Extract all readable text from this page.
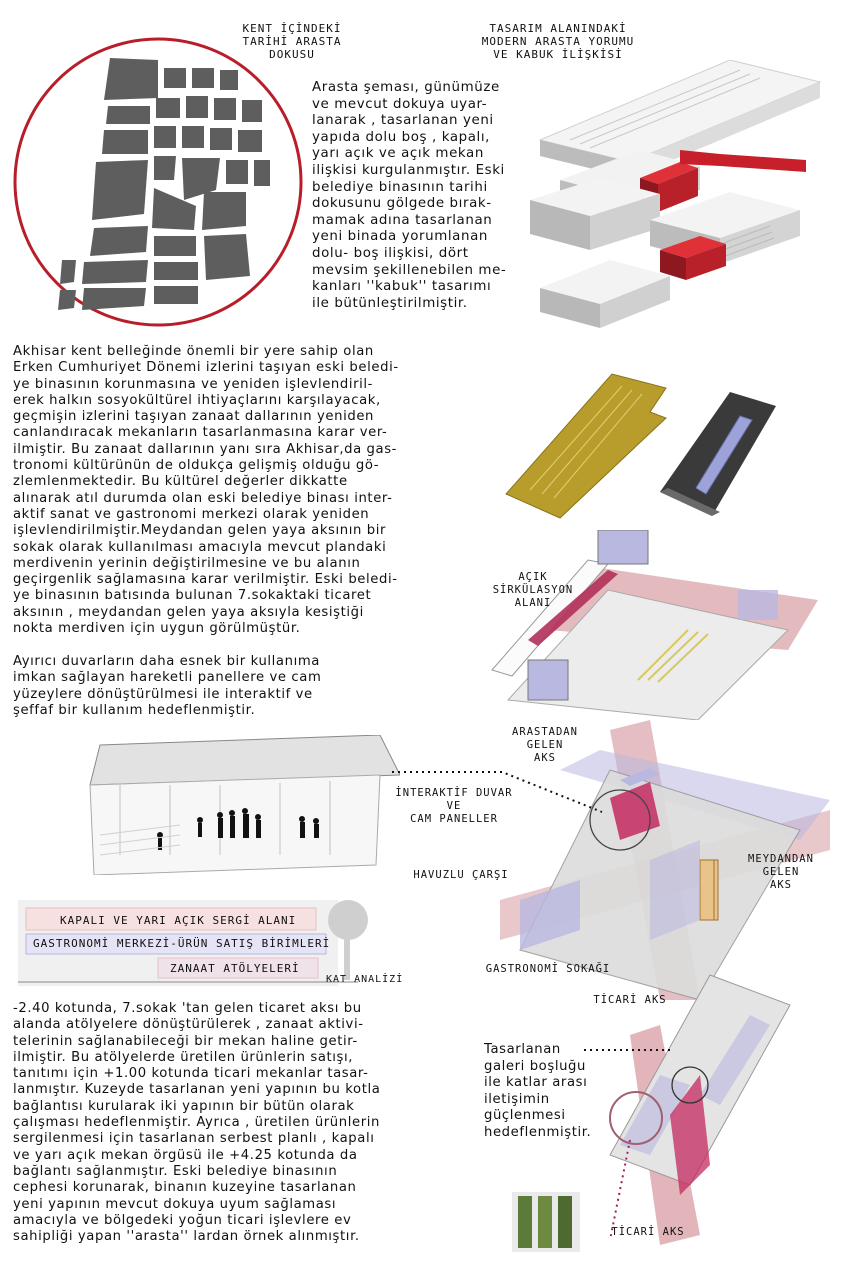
KENT İÇİNDEKİ
TARİHİ ARASTA
DOKUSU
TASARIM ALANINDAKİ
MODERN ARASTA YORUMU
VE KABUK İLİŞKİSİ
Arasta şeması, günümüze
ve mevcut dokuya uyar-
lanarak , tasarlanan yeni
yapıda dolu boş , kapalı,
yarı açık ve açık mekan
ilişkisi kurgulanmıştır. Eski
belediye binasının tarihi
dokusunu gölgede bırak-
mamak adına tasarlanan
yeni binada yorumlanan
dolu- boş ilişkisi, dört
mevsim şekillenebilen me-
kanları ''kabuk'' tasarımı
ile bütünleştirilmiştir.
Akhisar kent belleğinde önemli bir yere sahip olan
Erken Cumhuriyet Dönemi izlerini taşıyan eski beledi-
ye binasının korunmasına ve yeniden işlevlendiril-
erek halkın sosyokültürel ihtiyaçlarını karşılayacak,
geçmişin izlerini taşıyan zanaat dallarının yeniden
canlandıracak mekanların tasarlanmasına karar ver-
ilmiştir. Bu zanaat dallarının yanı sıra Akhisar,da gas-
tronomi kültürünün de oldukça gelişmiş olduğu gö-
zlemlenmektedir. Bu kültürel değerler dikkatte
alınarak atıl durumda olan eski belediye binası inter-
aktif sanat ve gastronomi merkezi olarak yeniden
işlevlendirilmiştir.Meydandan gelen yaya aksının bir
sokak olarak kullanılması amacıyla mevcut plandaki
merdivenin yerinin değiştirilmesine ve bu alanın
geçirgenlik sağlamasına karar verilmiştir. Eski beledi-
ye binasının batısında bulunan 7.sokaktaki ticaret
aksının , meydandan gelen yaya aksıyla kesiştiği
nokta merdiven için uygun görülmüştür.
Ayırıcı duvarların daha esnek bir kullanıma
imkan sağlayan hareketli panellere ve cam
yüzeylere dönüştürülmesi ile interaktif ve
şeffaf bir kullanım hedeflenmiştir.
AÇIK
SİRKÜLASYON
ALANI
KAPALI VE YARI AÇIK SERGİ ALANI
GASTRONOMİ MERKEZİ-ÜRÜN SATIŞ BİRİMLERİ
ZANAAT ATÖLYELERİ
KAT ANALİZİ
ARASTADAN
GELEN
AKS
İNTERAKTİF DUVAR
VE
CAM PANELLER
MEYDANDAN
GELEN
AKS
HAVUZLU ÇARŞI
GASTRONOMİ SOKAĞI
TİCARİ AKS
-2.40 kotunda, 7.sokak 'tan gelen ticaret aksı bu
alanda atölyelere dönüştürülerek , zanaat aktivi-
telerinin sağlanabileceği bir mekan haline getir-
ilmiştir. Bu atölyelerde üretilen ürünlerin satışı,
tanıtımı için +1.00 kotunda ticari mekanlar tasar-
lanmıştır. Kuzeyde tasarlanan yeni yapının bu kotla
bağlantısı kurularak iki yapının bir bütün olarak
çalışması hedeflenmiştir. Ayrıca , üretilen ürünlerin
sergilenmesi için tasarlanan serbest planlı , kapalı
ve yarı açık mekan örgüsü ile +4.25 kotunda da
bağlantı sağlanmıştır. Eski belediye binasının
cephesi korunarak, binanın kuzeyine tasarlanan
yeni yapının mevcut dokuya uyum sağlaması
amacıyla ve bölgedeki yoğun ticari işlevlere ev
sahipliği yapan ''arasta'' lardan örnek alınmıştır.
Tasarlanan
galeri boşluğu
ile katlar arası
iletişimin
güçlenmesi
hedeflenmiştir.
TİCARİ AKS
